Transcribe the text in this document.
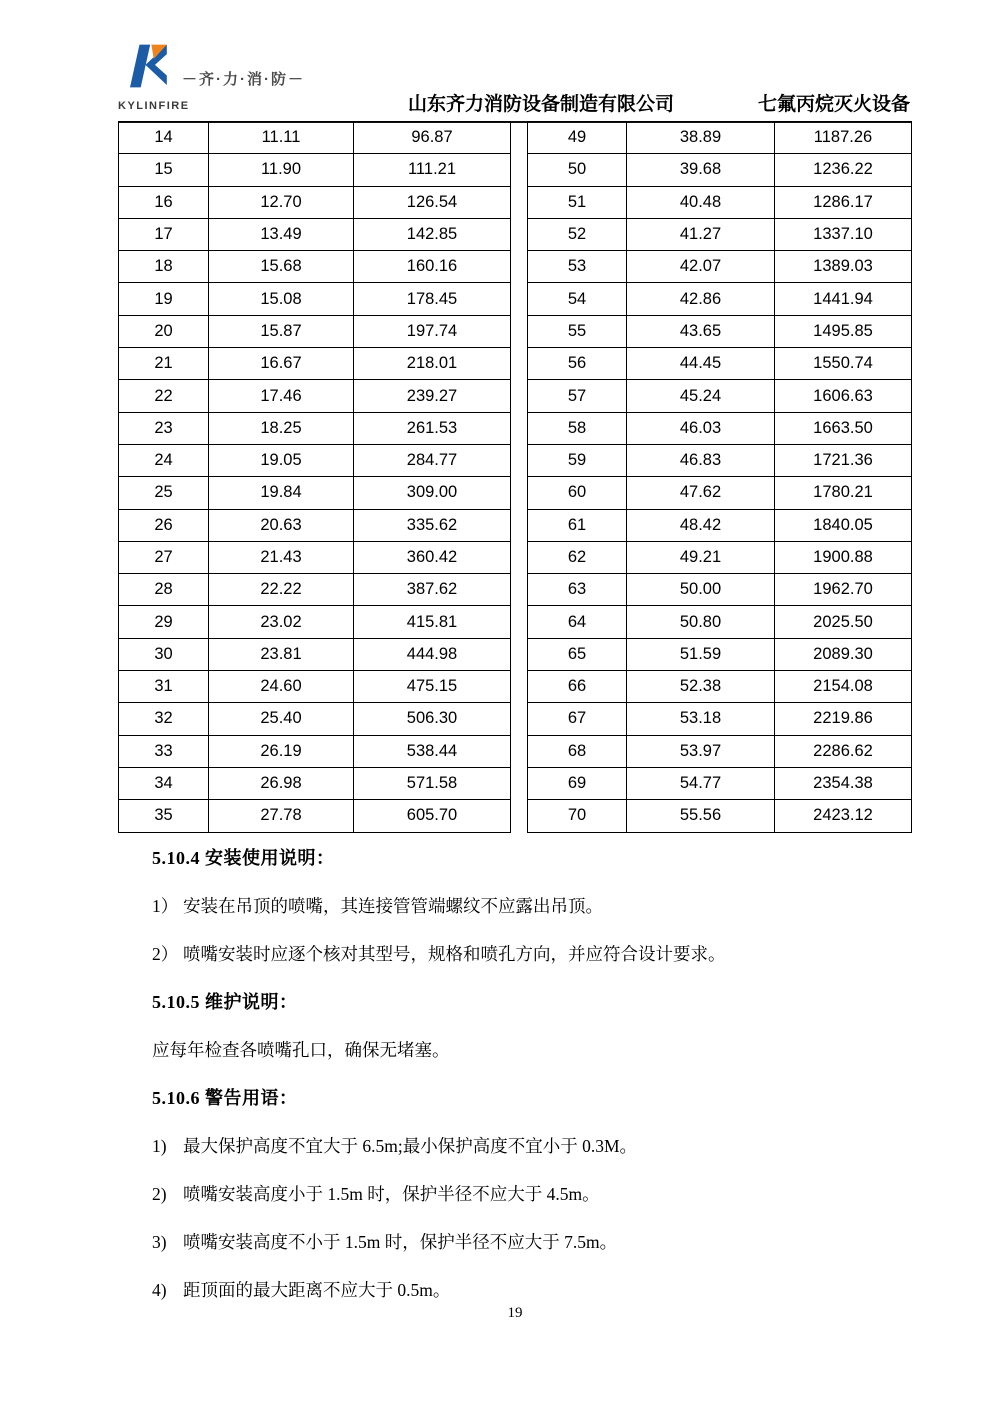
KYLINFIRE
－齐·力·消·防－
山东齐力消防设备制造有限公司	七氟丙烷灭火设备
14	11.11	96.87
15	11.90	111.21
16	12.70	126.54
17	13.49	142.85
18	15.68	160.16
19	15.08	178.45
20	15.87	197.74
21	16.67	218.01
22	17.46	239.27
23	18.25	261.53
24	19.05	284.77
25	19.84	309.00
26	20.63	335.62
27	21.43	360.42
28	22.22	387.62
29	23.02	415.81
30	23.81	444.98
31	24.60	475.15
32	25.40	506.30
33	26.19	538.44
34	26.98	571.58
35	27.78	605.70
49	38.89	1187.26
50	39.68	1236.22
51	40.48	1286.17
52	41.27	1337.10
53	42.07	1389.03
54	42.86	1441.94
55	43.65	1495.85
56	44.45	1550.74
57	45.24	1606.63
58	46.03	1663.50
59	46.83	1721.36
60	47.62	1780.21
61	48.42	1840.05
62	49.21	1900.88
63	50.00	1962.70
64	50.80	2025.50
65	51.59	2089.30
66	52.38	2154.08
67	53.18	2219.86
68	53.97	2286.62
69	54.77	2354.38
70	55.56	2423.12
5.10.4 安装使用说明：
1） 安装在吊顶的喷嘴，其连接管管端螺纹不应露出吊顶。
2） 喷嘴安装时应逐个核对其型号，规格和喷孔方向，并应符合设计要求。
5.10.5 维护说明：
应每年检查各喷嘴孔口，确保无堵塞。
5.10.6 警告用语：
1) 最大保护高度不宜大于 6.5m;最小保护高度不宜小于 0.3M。
2) 喷嘴安装高度小于 1.5m 时，保护半径不应大于 4.5m。
3) 喷嘴安装高度不小于 1.5m 时，保护半径不应大于 7.5m。
4) 距顶面的最大距离不应大于 0.5m。
19
